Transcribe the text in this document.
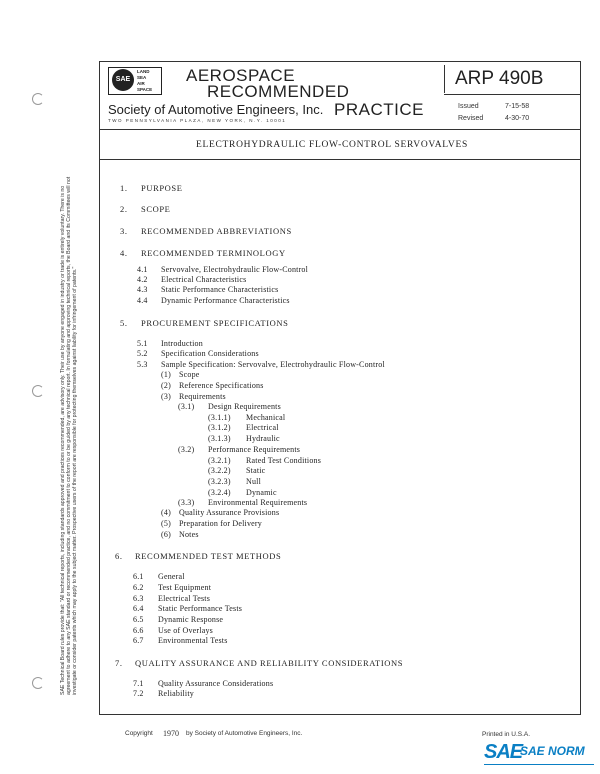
SAE
LAND
SEA
AIR
SPACE
AEROSPACE
RECOMMENDED
PRACTICE
Society of Automotive Engineers, Inc.
TWO PENNSYLVANIA PLAZA, NEW YORK, N.Y. 10001
ARP 490B
Issued	7-15-58
Revised	4-30-70
ELECTROHYDRAULIC FLOW-CONTROL SERVOVALVES
SAE Technical Board rules provide that: "All technical reports, including standards approved and practices recommended, are advisory only. Their use by anyone engaged in industry or trade is entirely voluntary. There is no agreement to adhere to any SAE standard or recommended practice, and no commitment to conform to or be guided by any technical report. In formulating and approving technical reports, the Board and its Committees will not investigate or consider patents which may apply to the subject matter. Prospective users of the report are responsible for protecting themselves against liability for infringement of patents."
1. PURPOSE
2. SCOPE
3. RECOMMENDED ABBREVIATIONS
4. RECOMMENDED TERMINOLOGY
4.1 Servovalve, Electrohydraulic Flow-Control
4.2 Electrical Characteristics
4.3 Static Performance Characteristics
4.4 Dynamic Performance Characteristics
5. PROCUREMENT SPECIFICATIONS
5.1 Introduction
5.2 Specification Considerations
5.3 Sample Specification: Servovalve, Electrohydraulic Flow-Control
(1) Scope
(2) Reference Specifications
(3) Requirements
(3.1) Design Requirements
(3.1.1) Mechanical
(3.1.2) Electrical
(3.1.3) Hydraulic
(3.2) Performance Requirements
(3.2.1) Rated Test Conditions
(3.2.2) Static
(3.2.3) Null
(3.2.4) Dynamic
(3.3) Environmental Requirements
(4) Quality Assurance Provisions
(5) Preparation for Delivery
(6) Notes
6. RECOMMENDED TEST METHODS
6.1 General
6.2 Test Equipment
6.3 Electrical Tests
6.4 Static Performance Tests
6.5 Dynamic Response
6.6 Use of Overlays
6.7 Environmental Tests
7. QUALITY ASSURANCE AND RELIABILITY CONSIDERATIONS
7.1 Quality Assurance Considerations
7.2 Reliability
Copyright 1970 by Society of Automotive Engineers, Inc.	Printed in U.S.A.
SAE
SAE NORM
